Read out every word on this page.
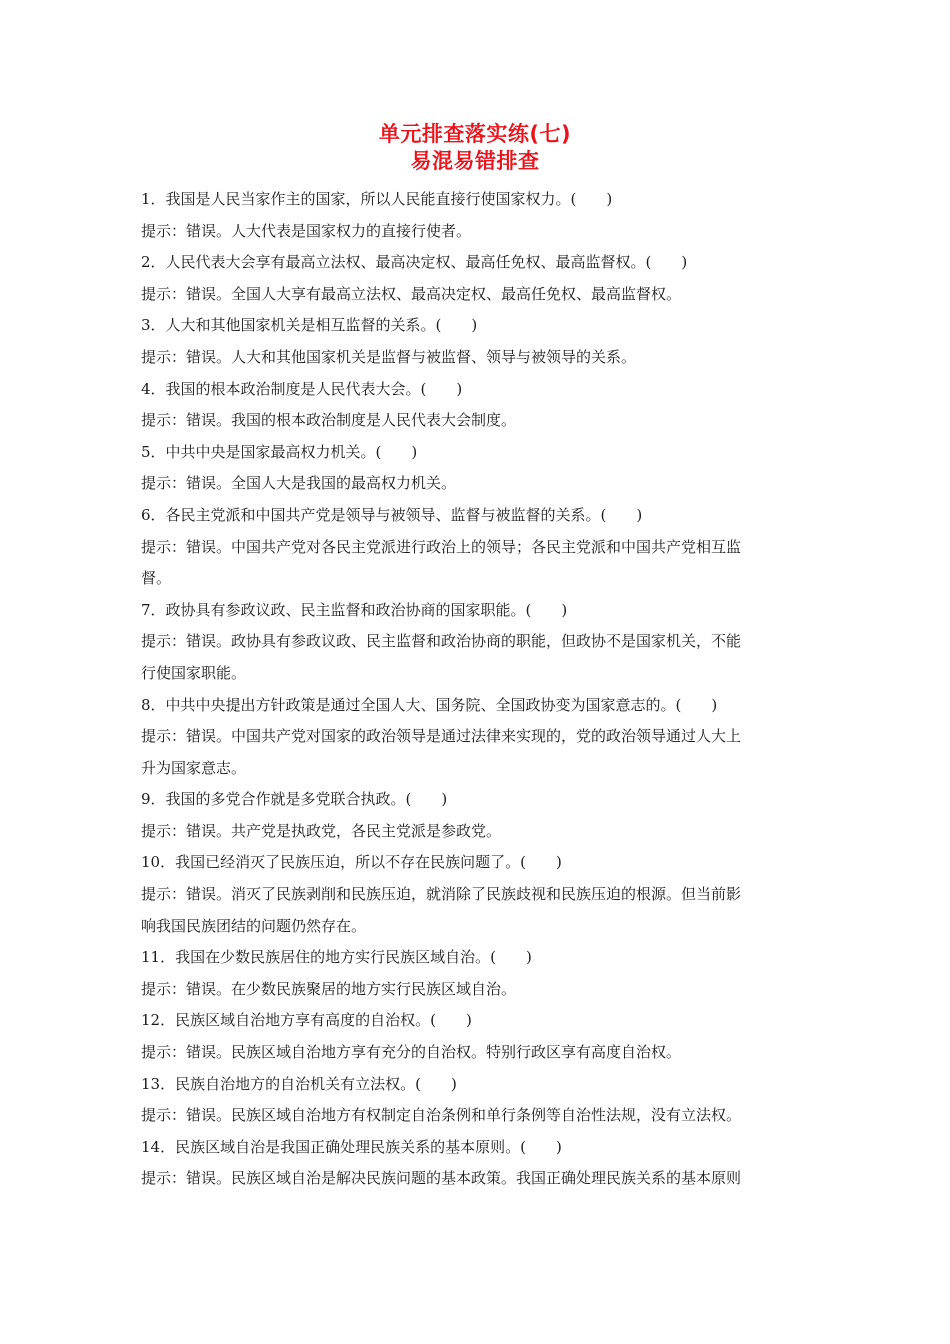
单元排查落实练(七)
易混易错排查
1．我国是人民当家作主的国家，所以人民能直接行使国家权力。(　　)
提示：错误。人大代表是国家权力的直接行使者。
2．人民代表大会享有最高立法权、最高决定权、最高任免权、最高监督权。(　　)
提示：错误。全国人大享有最高立法权、最高决定权、最高任免权、最高监督权。
3．人大和其他国家机关是相互监督的关系。(　　)
提示：错误。人大和其他国家机关是监督与被监督、领导与被领导的关系。
4．我国的根本政治制度是人民代表大会。(　　)
提示：错误。我国的根本政治制度是人民代表大会制度。
5．中共中央是国家最高权力机关。(　　)
提示：错误。全国人大是我国的最高权力机关。
6．各民主党派和中国共产党是领导与被领导、监督与被监督的关系。(　　)
提示：错误。中国共产党对各民主党派进行政治上的领导；各民主党派和中国共产党相互监
督。
7．政协具有参政议政、民主监督和政治协商的国家职能。(　　)
提示：错误。政协具有参政议政、民主监督和政治协商的职能，但政协不是国家机关，不能
行使国家职能。
8．中共中央提出方针政策是通过全国人大、国务院、全国政协变为国家意志的。(　　)
提示：错误。中国共产党对国家的政治领导是通过法律来实现的，党的政治领导通过人大上
升为国家意志。
9．我国的多党合作就是多党联合执政。(　　)
提示：错误。共产党是执政党，各民主党派是参政党。
10．我国已经消灭了民族压迫，所以不存在民族问题了。(　　)
提示：错误。消灭了民族剥削和民族压迫，就消除了民族歧视和民族压迫的根源。但当前影
响我国民族团结的问题仍然存在。
11．我国在少数民族居住的地方实行民族区域自治。(　　)
提示：错误。在少数民族聚居的地方实行民族区域自治。
12．民族区域自治地方享有高度的自治权。(　　)
提示：错误。民族区域自治地方享有充分的自治权。特别行政区享有高度自治权。
13．民族自治地方的自治机关有立法权。(　　)
提示：错误。民族区域自治地方有权制定自治条例和单行条例等自治性法规，没有立法权。
14．民族区域自治是我国正确处理民族关系的基本原则。(　　)
提示：错误。民族区域自治是解决民族问题的基本政策。我国正确处理民族关系的基本原则
